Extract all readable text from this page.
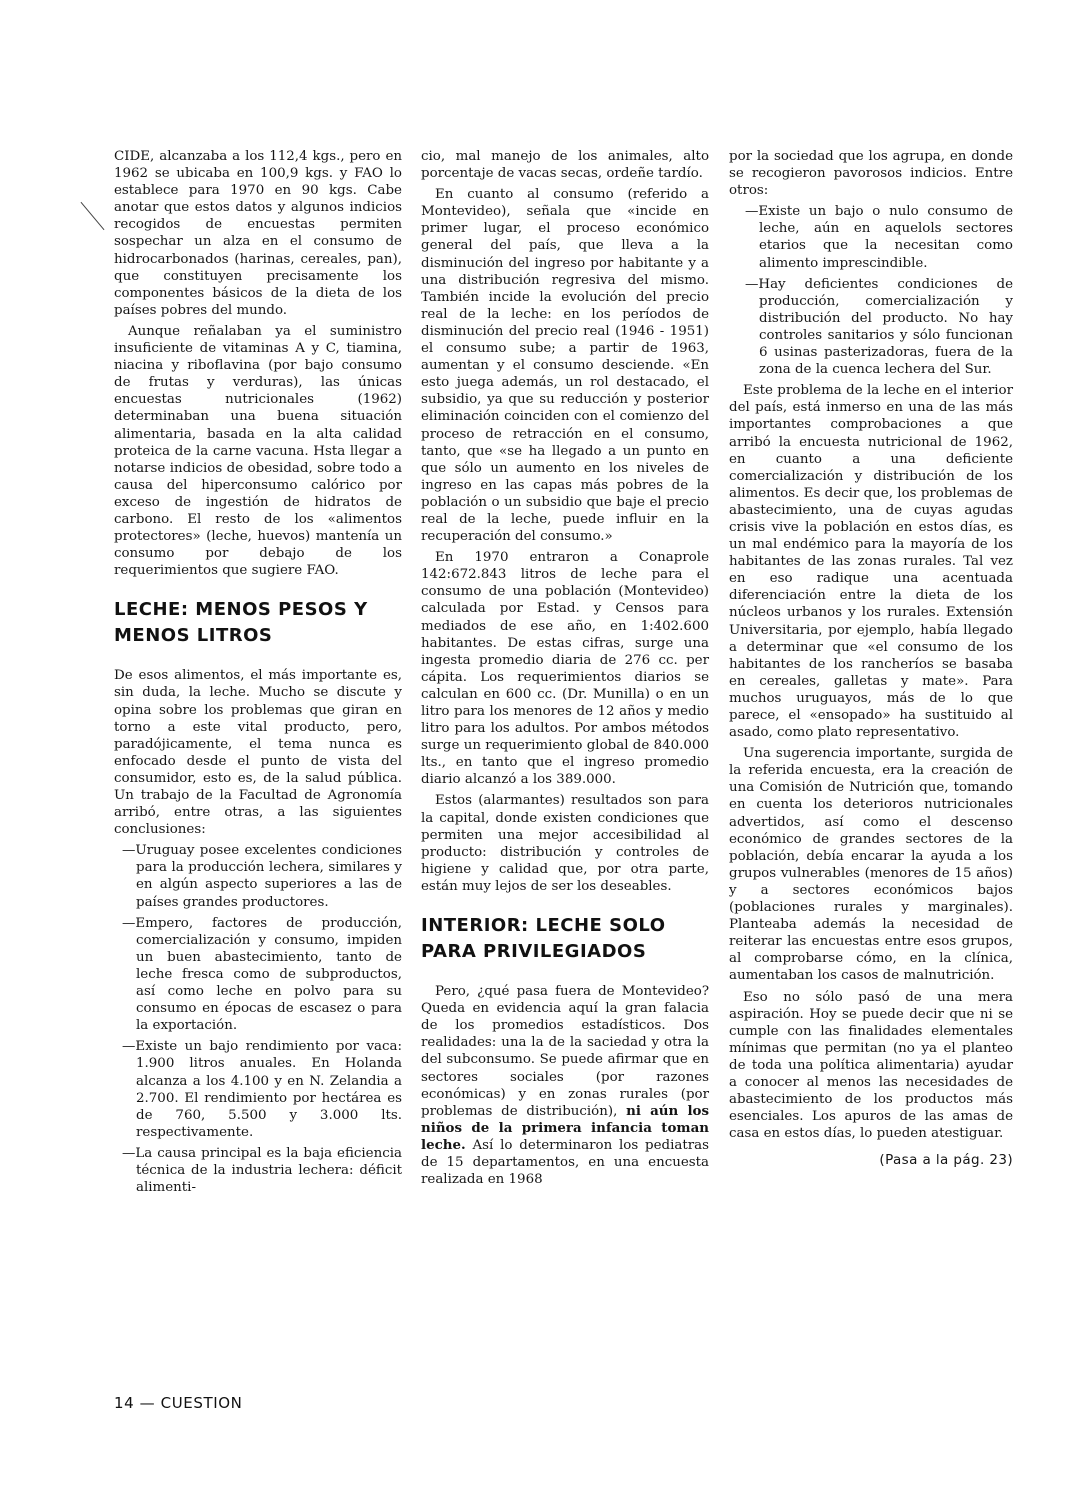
CIDE, alcanzaba a los 112,4 kgs., pero en 1962 se ubicaba en 100,9 kgs. y FAO lo establece para 1970 en 90 kgs. Cabe anotar que estos datos y algunos indicios recogidos de encuestas permiten sospechar un alza en el consumo de hidrocarbonados (harinas, cereales, pan), que constituyen precisamente los componentes básicos de la dieta de los países pobres del mundo.

Aunque reñalaban ya el suministro insuficiente de vitaminas A y C, tiamina, niacina y riboflavina (por bajo consumo de frutas y verduras), las únicas encuestas nutricionales (1962) determinaban una buena situación alimentaria, basada en la alta calidad proteica de la carne vacuna. Hsta llegar a notarse indicios de obesidad, sobre todo a causa del hiperconsumo calórico por exceso de ingestión de hidratos de carbono. El resto de los «alimentos protectores» (leche, huevos) mantenía un consumo por debajo de los requerimientos que sugiere FAO.

LECHE: MENOS PESOS Y MENOS LITROS

De esos alimentos, el más importante es, sin duda, la leche. Mucho se discute y opina sobre los problemas que giran en torno a este vital producto, pero, paradójicamente, el tema nunca es enfocado desde el punto de vista del consumidor, esto es, de la salud pública. Un trabajo de la Facultad de Agronomía arribó, entre otras, a las siguientes conclusiones:

—Uruguay posee excelentes condiciones para la producción lechera, similares y en algún aspecto superiores a las de países grandes productores.

—Empero, factores de producción, comercialización y consumo, impiden un buen abastecimiento, tanto de leche fresca como de subproductos, así como leche en polvo para su consumo en épocas de escasez o para la exportación.

—Existe un bajo rendimiento por vaca: 1.900 litros anuales. En Holanda alcanza a los 4.100 y en N. Zelandia a 2.700. El rendimiento por hectárea es de 760, 5.500 y 3.000 lts. respectivamente.

—La causa principal es la baja eficiencia técnica de la industria lechera: déficit alimenti-

cio, mal manejo de los animales, alto porcentaje de vacas secas, ordeñe tardío.

En cuanto al consumo (referido a Montevideo), señala que «incide en primer lugar, el proceso económico general del país, que lleva a la disminución del ingreso por habitante y a una distribución regresiva del mismo. También incide la evolución del precio real de la leche: en los períodos de disminución del precio real (1946 - 1951) el consumo sube; a partir de 1963, aumentan y el consumo desciende. «En esto juega además, un rol destacado, el subsidio, ya que su reducción y posterior eliminación coinciden con el comienzo del proceso de retracción en el consumo, tanto, que «se ha llegado a un punto en que sólo un aumento en los niveles de ingreso en las capas más pobres de la población o un subsidio que baje el precio real de la leche, puede influir en la recuperación del consumo.»

En 1970 entraron a Conaprole 142:672.843 litros de leche para el consumo de una población (Montevideo) calculada por Estad. y Censos para mediados de ese año, en 1:402.600 habitantes. De estas cifras, surge una ingesta promedio diaria de 276 cc. per cápita. Los requerimientos diarios se calculan en 600 cc. (Dr. Munilla) o en un litro para los menores de 12 años y medio litro para los adultos. Por ambos métodos surge un requerimiento global de 840.000 lts., en tanto que el ingreso promedio diario alcanzó a los 389.000.

Estos (alarmantes) resultados son para la capital, donde existen condiciones que permiten una mejor accesibilidad al producto: distribución y controles de higiene y calidad que, por otra parte, están muy lejos de ser los deseables.

INTERIOR: LECHE SOLO PARA PRIVILEGIADOS

Pero, ¿qué pasa fuera de Montevideo? Queda en evidencia aquí la gran falacia de los promedios estadísticos. Dos realidades: una la de la saciedad y otra la del subconsumo. Se puede afirmar que en sectores sociales (por razones económicas) y en zonas rurales (por problemas de distribución), ni aún los niños de la primera infancia toman leche. Así lo determinaron los pediatras de 15 departamentos, en una encuesta realizada en 1968

por la sociedad que los agrupa, en donde se recogieron pavorosos indicios. Entre otros:

—Existe un bajo o nulo consumo de leche, aún en aquelols sectores etarios que la necesitan como alimento imprescindible.

—Hay deficientes condiciones de producción, comercialización y distribución del producto. No hay controles sanitarios y sólo funcionan 6 usinas pasterizadoras, fuera de la zona de la cuenca lechera del Sur.

Este problema de la leche en el interior del país, está inmerso en una de las más importantes comprobaciones a que arribó la encuesta nutricional de 1962, en cuanto a una deficiente comercialización y distribución de los alimentos. Es decir que, los problemas de abastecimiento, una de cuyas agudas crisis vive la población en estos días, es un mal endémico para la mayoría de los habitantes de las zonas rurales. Tal vez en eso radique una acentuada diferenciación entre la dieta de los núcleos urbanos y los rurales. Extensión Universitaria, por ejemplo, había llegado a determinar que «el consumo de los habitantes de los rancheríos se basaba en cereales, galletas y mate». Para muchos uruguayos, más de lo que parece, el «ensopado» ha sustituido al asado, como plato representativo.

Una sugerencia importante, surgida de la referida encuesta, era la creación de una Comisión de Nutrición que, tomando en cuenta los deterioros nutricionales advertidos, así como el descenso económico de grandes sectores de la población, debía encarar la ayuda a los grupos vulnerables (menores de 15 años) y a sectores económicos bajos (poblaciones rurales y marginales). Planteaba además la necesidad de reiterar las encuestas entre esos grupos, al comprobarse cómo, en la clínica, aumentaban los casos de malnutrición.

Eso no sólo pasó de una mera aspiración. Hoy se puede decir que ni se cumple con las finalidades elementales mínimas que permitan (no ya el planteo de toda una política alimentaria) ayudar a conocer al menos las necesidades de abastecimiento de los productos más esenciales. Los apuros de las amas de casa en estos días, lo pueden atestiguar.

(Pasa a la pág. 23)
14 — CUESTION
